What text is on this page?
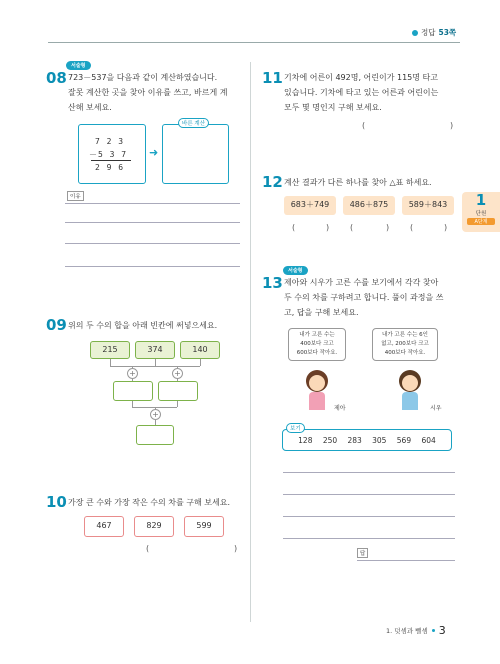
정답 53쪽
서술형
08 723－537을 다음과 같이 계산하였습니다.
잘못 계산한 곳을 찾아 이유를 쓰고, 바르게 계
산해 보세요.
7 2 3
－5 3 7
2 9 6
➜
바른 계산
이유
09 위의 두 수의 합을 아래 빈칸에 써넣으세요.
215	374	140
+	+
+
10 가장 큰 수와 가장 작은 수의 차를 구해 보세요.
467	829	599
(	)
11 기차에 어른이 492명, 어린이가 115명 타고
있습니다. 기차에 타고 있는 어른과 어린이는
모두 몇 명인지 구해 보세요.
(	)
12 계산 결과가 다른 하나를 찾아 △표 하세요.
683＋749	486＋875	589＋843
(	)	(	)	(	)
서술형
13 제아와 시우가 고른 수를 보기에서 각각 찾아
두 수의 차를 구하려고 합니다. 풀이 과정을 쓰
고, 답을 구해 보세요.
내가 고른 수는
400보다 크고
600보다 작아요.
내가 고른 수는 6인
없고, 200보다 크고
400보다 작아요.
제아	시우
128 250 283 305 569 604
보기
답
1
단원
A단계
1. 덧셈과 뺄셈 3
